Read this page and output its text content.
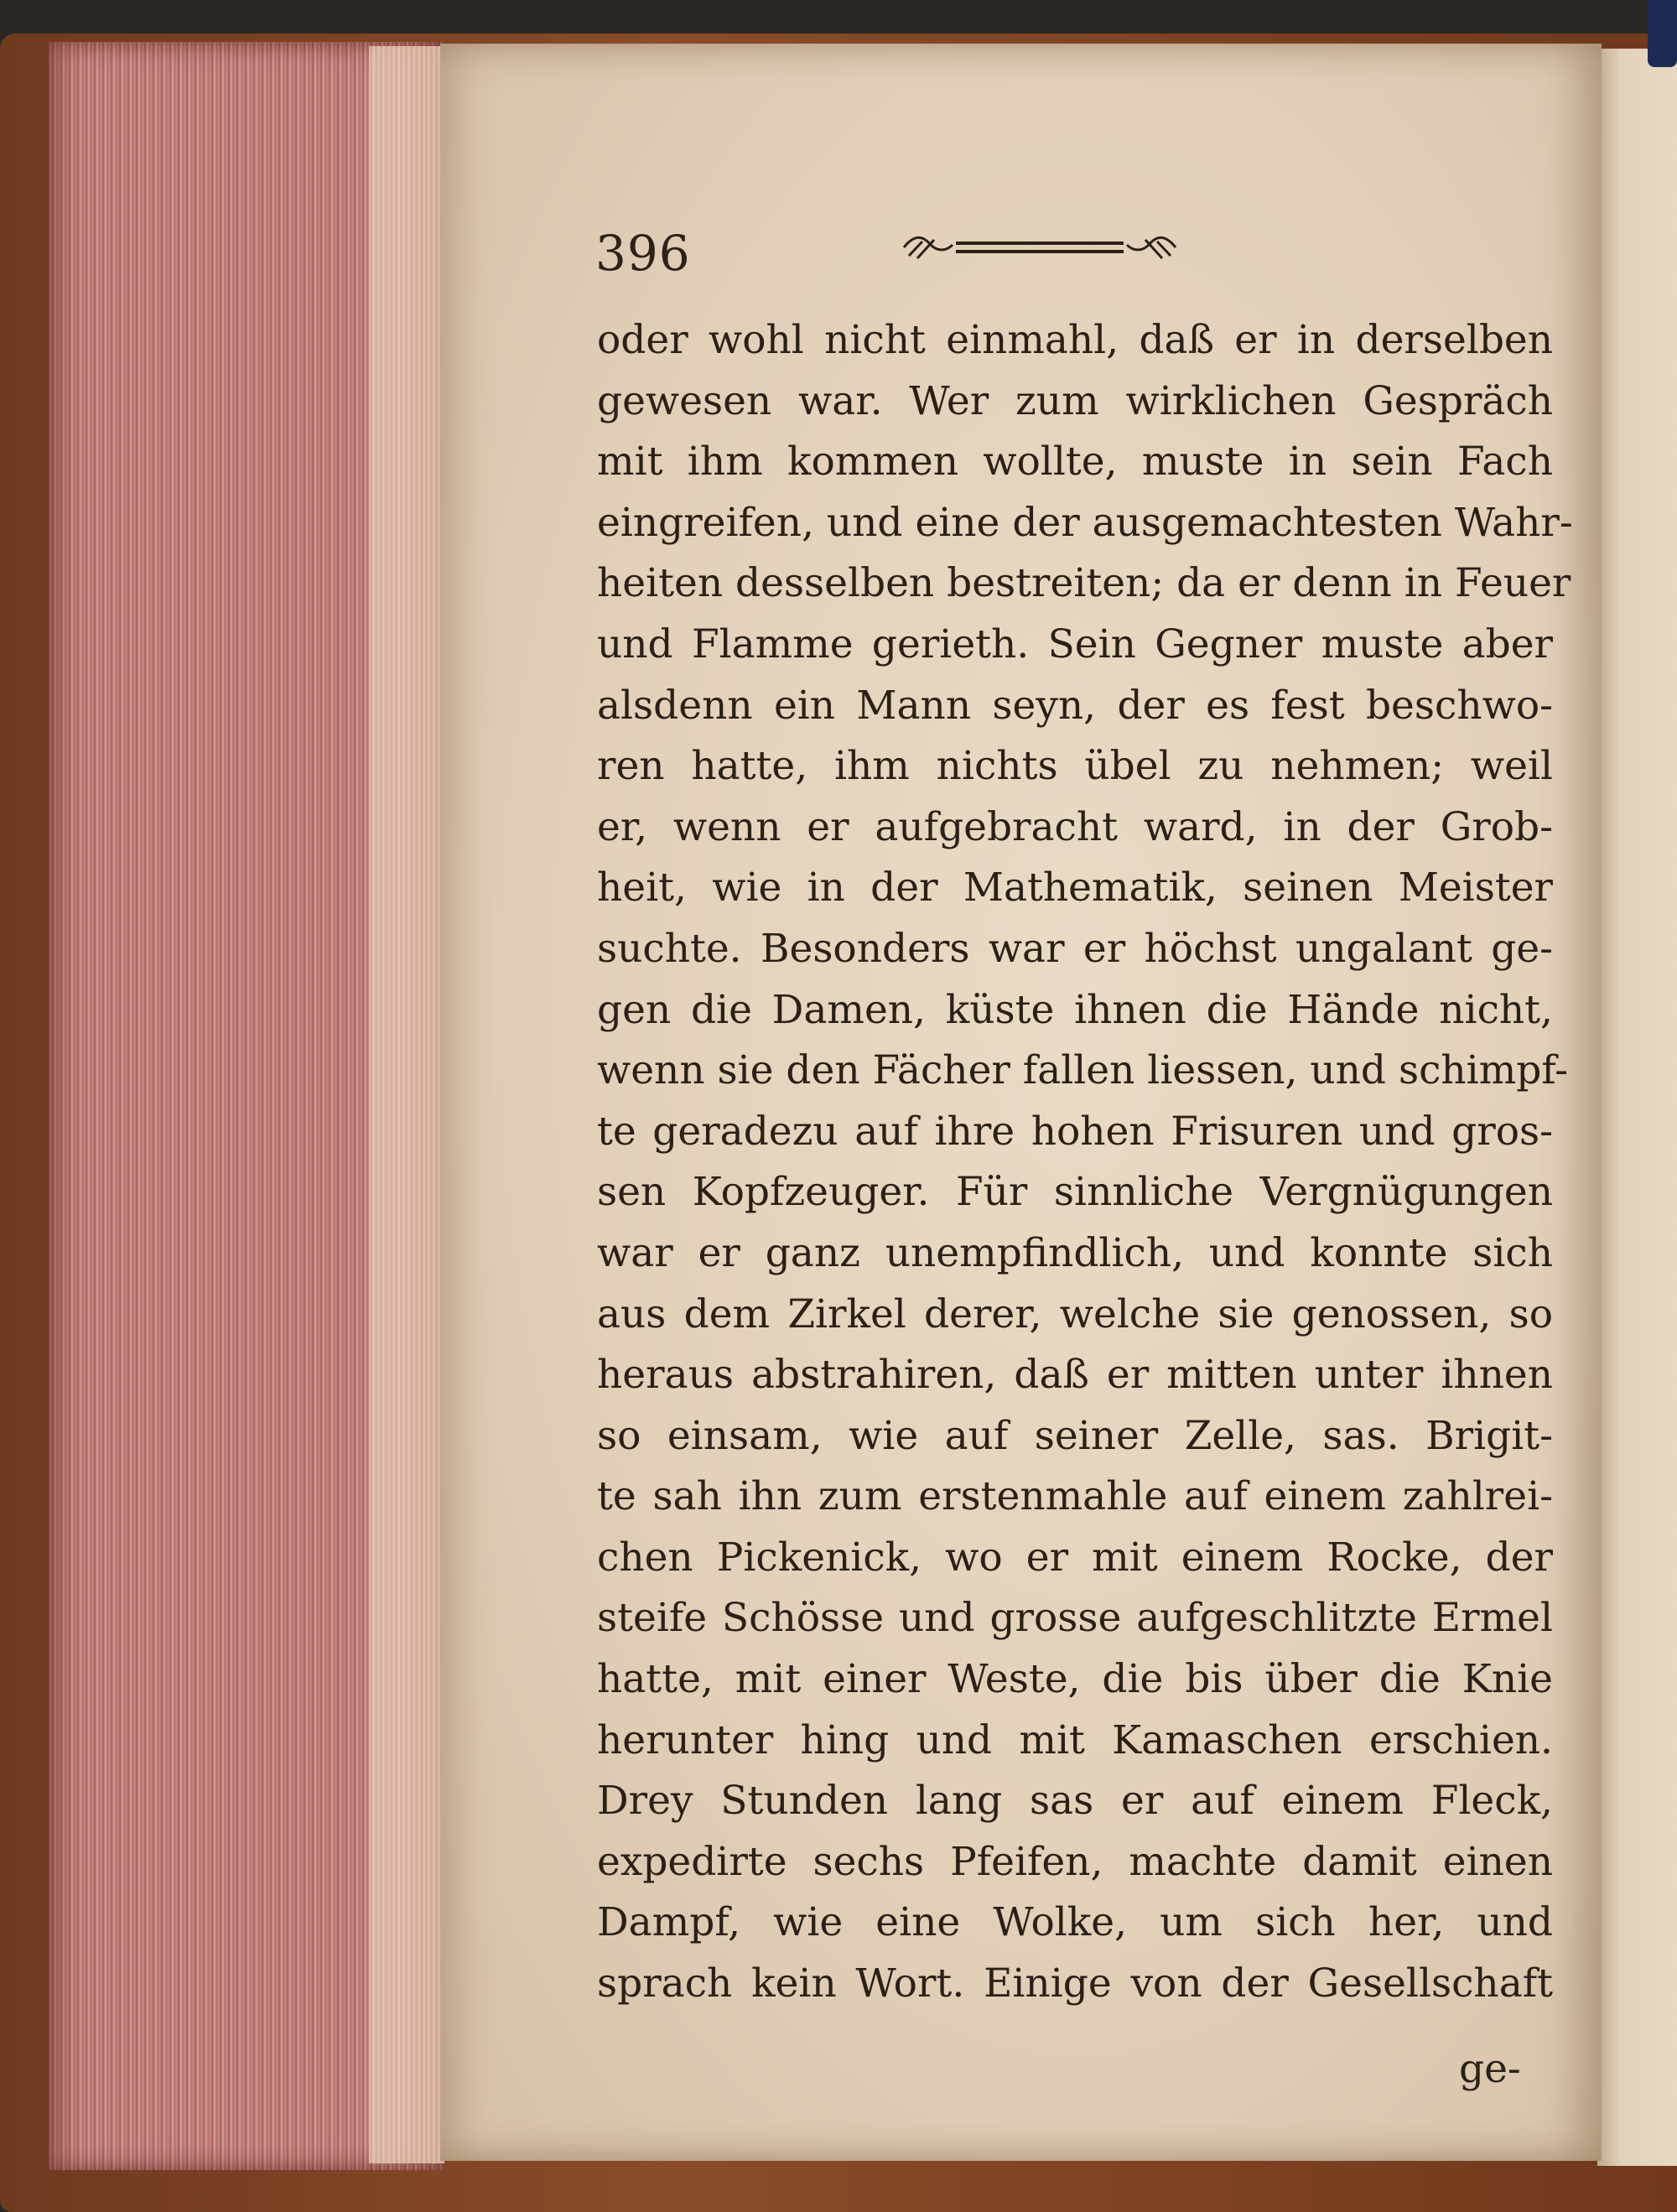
396
oder wohl nicht einmahl, daß er in derselben
gewesen war. Wer zum wirklichen Gespräch
mit ihm kommen wollte, muste in sein Fach
eingreifen, und eine der ausgemachtesten Wahr-
heiten desselben bestreiten; da er denn in Feuer
und Flamme gerieth. Sein Gegner muste aber
alsdenn ein Mann seyn, der es fest beschwo-
ren hatte, ihm nichts übel zu nehmen; weil
er, wenn er aufgebracht ward, in der Grob-
heit, wie in der Mathematik, seinen Meister
suchte. Besonders war er höchst ungalant ge-
gen die Damen, küste ihnen die Hände nicht,
wenn sie den Fächer fallen liessen, und schimpf-
te geradezu auf ihre hohen Frisuren und gros-
sen Kopfzeuger. Für sinnliche Vergnügungen
war er ganz unempfindlich, und konnte sich
aus dem Zirkel derer, welche sie genossen, so
heraus abstrahiren, daß er mitten unter ihnen
so einsam, wie auf seiner Zelle, sas. Brigit-
te sah ihn zum erstenmahle auf einem zahlrei-
chen Pickenick, wo er mit einem Rocke, der
steife Schösse und grosse aufgeschlitzte Ermel
hatte, mit einer Weste, die bis über die Knie
herunter hing und mit Kamaschen erschien.
Drey Stunden lang sas er auf einem Fleck,
expedirte sechs Pfeifen, machte damit einen
Dampf, wie eine Wolke, um sich her, und
sprach kein Wort. Einige von der Gesellschaft
ge-
